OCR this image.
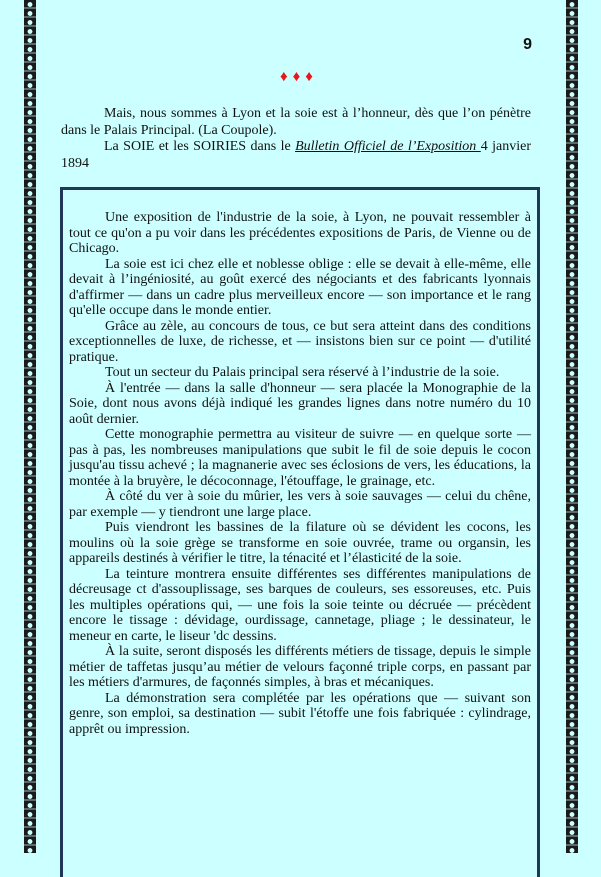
9
♦♦♦

Mais, nous sommes à Lyon et la soie est à l’honneur, dès que l’on pénètre dans le Palais Principal. (La Coupole).

La SOIE et les SOIRIES dans le Bulletin Officiel de l’Exposition 4 janvier 1894

Une exposition de l'industrie de la soie, à Lyon, ne pouvait ressembler à tout ce qu'on a pu voir dans les précédentes expositions de Paris, de Vienne ou de Chicago.

La soie est ici chez elle et noblesse oblige : elle se devait à elle-même, elle devait à l’ingéniosité, au goût exercé des négociants et des fabricants lyonnais d'affirmer — dans un cadre plus merveilleux encore — son importance et le rang qu'elle occupe dans le monde entier.

Grâce au zèle, au concours de tous, ce but sera atteint dans des conditions exceptionnelles de luxe, de richesse, et — insistons bien sur ce point — d'utilité pratique.

Tout un secteur du Palais principal sera réservé à l’industrie de la soie.

À l'entrée — dans la salle d'honneur — sera placée la Monographie de la Soie, dont nous avons déjà indiqué les grandes lignes dans notre numéro du 10 août dernier.

Cette monographie permettra au visiteur de suivre — en quelque sorte — pas à pas, les nombreuses manipulations que subit le fil de soie depuis le cocon jusqu'au tissu achevé ; la magnanerie avec ses éclosions de vers, les éducations, la montée à la bruyère, le décoconnage, l'étouffage, le grainage, etc.

À côté du ver à soie du mûrier, les vers à soie sauvages — celui du chêne, par exemple — y tiendront une large place.

Puis viendront les bassines de la filature où se dévident les cocons, les moulins où la soie grège se transforme en soie ouvrée, trame ou organsin, les appareils destinés à vérifier le titre, la ténacité et l’élasticité de la soie.

La teinture montrera ensuite différentes ses différentes manipulations de décreusage ct d'assouplissage, ses barques de couleurs, ses essoreuses, etc. Puis les multiples opérations qui, — une fois la soie teinte ou décruée — précèdent encore le tissage : dévidage, ourdissage, cannetage, pliage ; le dessinateur, le meneur en carte, le liseur 'dc dessins.

À la suite, seront disposés les différents métiers de tissage, depuis le simple métier de taffetas jusqu’au métier de velours façonné triple corps, en passant par les métiers d'armures, de façonnés simples, à bras et mécaniques.

La démonstration sera complétée par les opérations que — suivant son genre, son emploi, sa destination — subit l'étoffe une fois fabriquée : cylindrage, apprêt ou impression.
